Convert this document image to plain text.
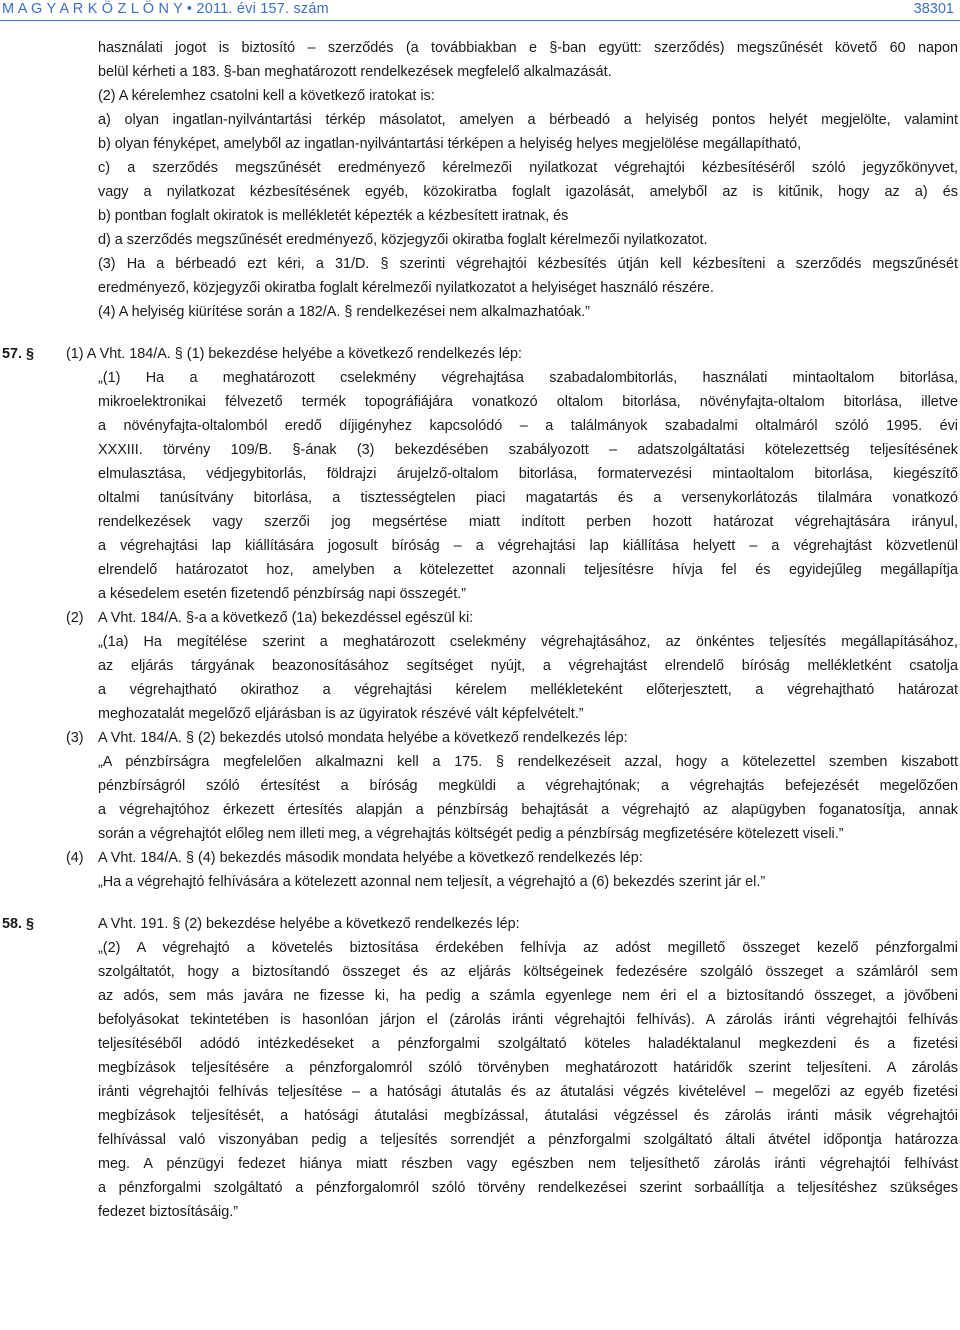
M A G Y A R K Ö Z L Ö N Y • 2011. évi 157. szám	38301
használati jogot is biztosító – szerződés (a továbbiakban e §-ban együtt: szerződés) megszűnését követő 60 napon
belül kérheti a 183. §-ban meghatározott rendelkezések megfelelő alkalmazását.
(2) A kérelemhez csatolni kell a következő iratokat is:
a) olyan ingatlan-nyilvántartási térkép másolatot, amelyen a bérbeadó a helyiség pontos helyét megjelölte, valamint
b) olyan fényképet, amelyből az ingatlan-nyilvántartási térképen a helyiség helyes megjelölése megállapítható,
c) a szerződés megszűnését eredményező kérelmezői nyilatkozat végrehajtói kézbesítéséről szóló jegyzőkönyvet,
vagy a nyilatkozat kézbesítésének egyéb, közokiratba foglalt igazolását, amelyből az is kitűnik, hogy az a) és
b) pontban foglalt okiratok is mellékletét képezték a kézbesített iratnak, és
d) a szerződés megszűnését eredményező, közjegyzői okiratba foglalt kérelmezői nyilatkozatot.
(3) Ha a bérbeadó ezt kéri, a 31/D. § szerinti végrehajtói kézbesítés útján kell kézbesíteni a szerződés megszűnését
eredményező, közjegyzői okiratba foglalt kérelmezői nyilatkozatot a helyiséget használó részére.
(4) A helyiség kiürítése során a 182/A. § rendelkezései nem alkalmazhatóak.”
57. § (1) A Vht. 184/A. § (1) bekezdése helyébe a következő rendelkezés lép:
„(1) Ha a meghatározott cselekmény végrehajtása szabadalombitorlás, használati mintaoltalom bitorlása,
mikroelektronikai félvezető termék topográfiájára vonatkozó oltalom bitorlása, növényfajta-oltalom bitorlása, illetve
a növényfajta-oltalomból eredő díjigényhez kapcsolódó – a találmányok szabadalmi oltalmáról szóló 1995. évi
XXXIII. törvény 109/B. §-ának (3) bekezdésében szabályozott – adatszolgáltatási kötelezettség teljesítésének
elmulasztása, védjegybitorlás, földrajzi árujelző-oltalom bitorlása, formatervezési mintaoltalom bitorlása, kiegészítő
oltalmi tanúsítvány bitorlása, a tisztességtelen piaci magatartás és a versenykorlátozás tilalmára vonatkozó
rendelkezések vagy szerzői jog megsértése miatt indított perben hozott határozat végrehajtására irányul,
a végrehajtási lap kiállítására jogosult bíróság – a végrehajtási lap kiállítása helyett – a végrehajtást közvetlenül
elrendelő határozatot hoz, amelyben a kötelezettet azonnali teljesítésre hívja fel és egyidejűleg megállapítja
a késedelem esetén fizetendő pénzbírság napi összegét.”
(2) A Vht. 184/A. §-a a következő (1a) bekezdéssel egészül ki:
„(1a) Ha megítélése szerint a meghatározott cselekmény végrehajtásához, az önkéntes teljesítés megállapításához,
az eljárás tárgyának beazonosításához segítséget nyújt, a végrehajtást elrendelő bíróság mellékletként csatolja
a végrehajtható okirathoz a végrehajtási kérelem mellékleteként előterjesztett, a végrehajtható határozat
meghozatalát megelőző eljárásban is az ügyiratok részévé vált képfelvételt.”
(3) A Vht. 184/A. § (2) bekezdés utolsó mondata helyébe a következő rendelkezés lép:
„A pénzbírságra megfelelően alkalmazni kell a 175. § rendelkezéseit azzal, hogy a kötelezettel szemben kiszabott
pénzbírságról szóló értesítést a bíróság megküldi a végrehajtónak; a végrehajtás befejezését megelőzően
a végrehajtóhoz érkezett értesítés alapján a pénzbírság behajtását a végrehajtó az alapügyben foganatosítja, annak
során a végrehajtót előleg nem illeti meg, a végrehajtás költségét pedig a pénzbírság megfizetésére kötelezett viseli.”
(4) A Vht. 184/A. § (4) bekezdés második mondata helyébe a következő rendelkezés lép:
„Ha a végrehajtó felhívására a kötelezett azonnal nem teljesít, a végrehajtó a (6) bekezdés szerint jár el.”
58. §	A Vht. 191. § (2) bekezdése helyébe a következő rendelkezés lép:
„(2) A végrehajtó a követelés biztosítása érdekében felhívja az adóst megillető összeget kezelő pénzforgalmi
szolgáltatót, hogy a biztosítandó összeget és az eljárás költségeinek fedezésére szolgáló összeget a számláról sem
az adós, sem más javára ne fizesse ki, ha pedig a számla egyenlege nem éri el a biztosítandó összeget, a jövőbeni
befolyásokat tekintetében is hasonlóan járjon el (zárolás iránti végrehajtói felhívás). A zárolás iránti végrehajtói felhívás
teljesítéséből adódó intézkedéseket a pénzforgalmi szolgáltató köteles haladéktalanul megkezdeni és a fizetési
megbízások teljesítésére a pénzforgalomról szóló törvényben meghatározott határidők szerint teljesíteni. A zárolás
iránti végrehajtói felhívás teljesítése – a hatósági átutalás és az átutalási végzés kivételével – megelőzi az egyéb fizetési
megbízások teljesítését, a hatósági átutalási megbízással, átutalási végzéssel és zárolás iránti másik végrehajtói
felhívással való viszonyában pedig a teljesítés sorrendjét a pénzforgalmi szolgáltató általi átvétel időpontja határozza
meg. A pénzügyi fedezet hiánya miatt részben vagy egészben nem teljesíthető zárolás iránti végrehajtói felhívást
a pénzforgalmi szolgáltató a pénzforgalomról szóló törvény rendelkezései szerint sorbaállítja a teljesítéshez szükséges
fedezet biztosításáig.”
